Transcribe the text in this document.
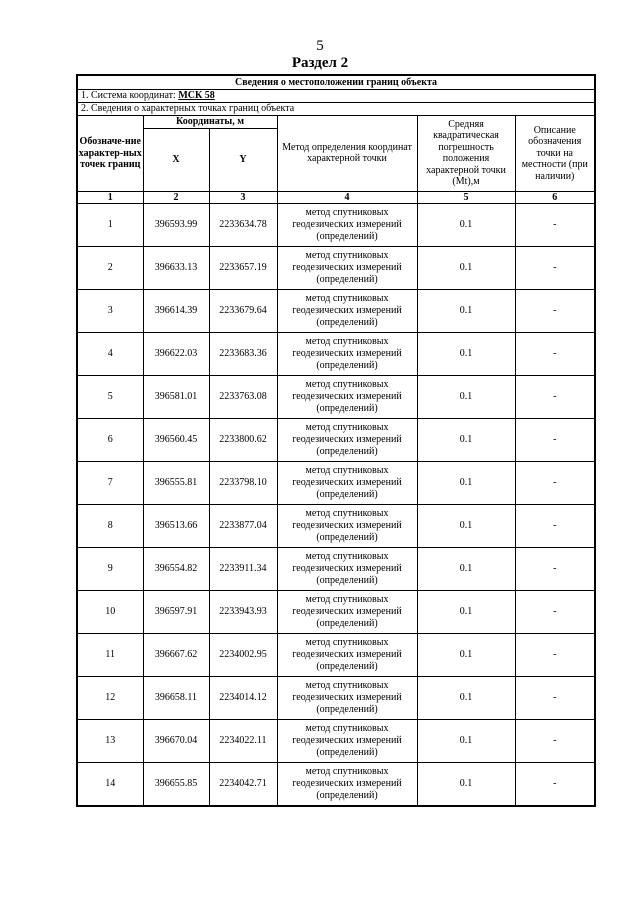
5
Раздел 2
Сведения о местоположении границ объекта					
1. Система координат: МСК 58					
2. Сведения о характерных точках границ объекта					
Обозначе-ние характер-ных точек границ	Координаты, м		Метод определения координат характерной точки	Средняя квадратическая погрешность положения характерной точки (Mt),м	Описание обозначения точки на местности (при наличии)
	X	Y			
1	2	3	4	5	6
1	396593.99	2233634.78	метод спутниковых геодезических измерений (определений)	0.1	-
2	396633.13	2233657.19	метод спутниковых геодезических измерений (определений)	0.1	-
3	396614.39	2233679.64	метод спутниковых геодезических измерений (определений)	0.1	-
4	396622.03	2233683.36	метод спутниковых геодезических измерений (определений)	0.1	-
5	396581.01	2233763.08	метод спутниковых геодезических измерений (определений)	0.1	-
6	396560.45	2233800.62	метод спутниковых геодезических измерений (определений)	0.1	-
7	396555.81	2233798.10	метод спутниковых геодезических измерений (определений)	0.1	-
8	396513.66	2233877.04	метод спутниковых геодезических измерений (определений)	0.1	-
9	396554.82	2233911.34	метод спутниковых геодезических измерений (определений)	0.1	-
10	396597.91	2233943.93	метод спутниковых геодезических измерений (определений)	0.1	-
11	396667.62	2234002.95	метод спутниковых геодезических измерений (определений)	0.1	-
12	396658.11	2234014.12	метод спутниковых геодезических измерений (определений)	0.1	-
13	396670.04	2234022.11	метод спутниковых геодезических измерений (определений)	0.1	-
14	396655.85	2234042.71	метод спутниковых геодезических измерений (определений)	0.1	-
